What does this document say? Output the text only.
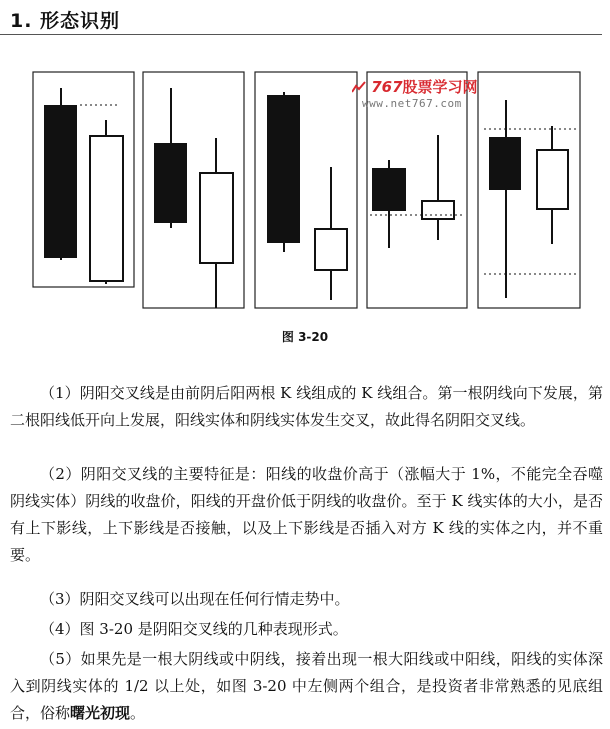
1. 形态识别
767股票学习网
www.net767.com
图 3-20

（1）阴阳交叉线是由前阴后阳两根 K 线组成的 K 线组合。第一根阴线向下发展，第二根阳线低开向上发展，阳线实体和阴线实体发生交叉，故此得名阴阳交叉线。

（2）阴阳交叉线的主要特征是：阳线的收盘价高于（涨幅大于 1%，不能完全吞噬阴线实体）阴线的收盘价，阳线的开盘价低于阴线的收盘价。至于 K 线实体的大小，是否有上下影线，上下影线是否接触，以及上下影线是否插入对方 K 线的实体之内，并不重要。

（3）阴阳交叉线可以出现在任何行情走势中。

（4）图 3-20 是阴阳交叉线的几种表现形式。

（5）如果先是一根大阴线或中阴线，接着出现一根大阳线或中阳线，阳线的实体深入到阴线实体的 1/2 以上处，如图 3-20 中左侧两个组合，是投资者非常熟悉的见底组合，俗称曙光初现。
